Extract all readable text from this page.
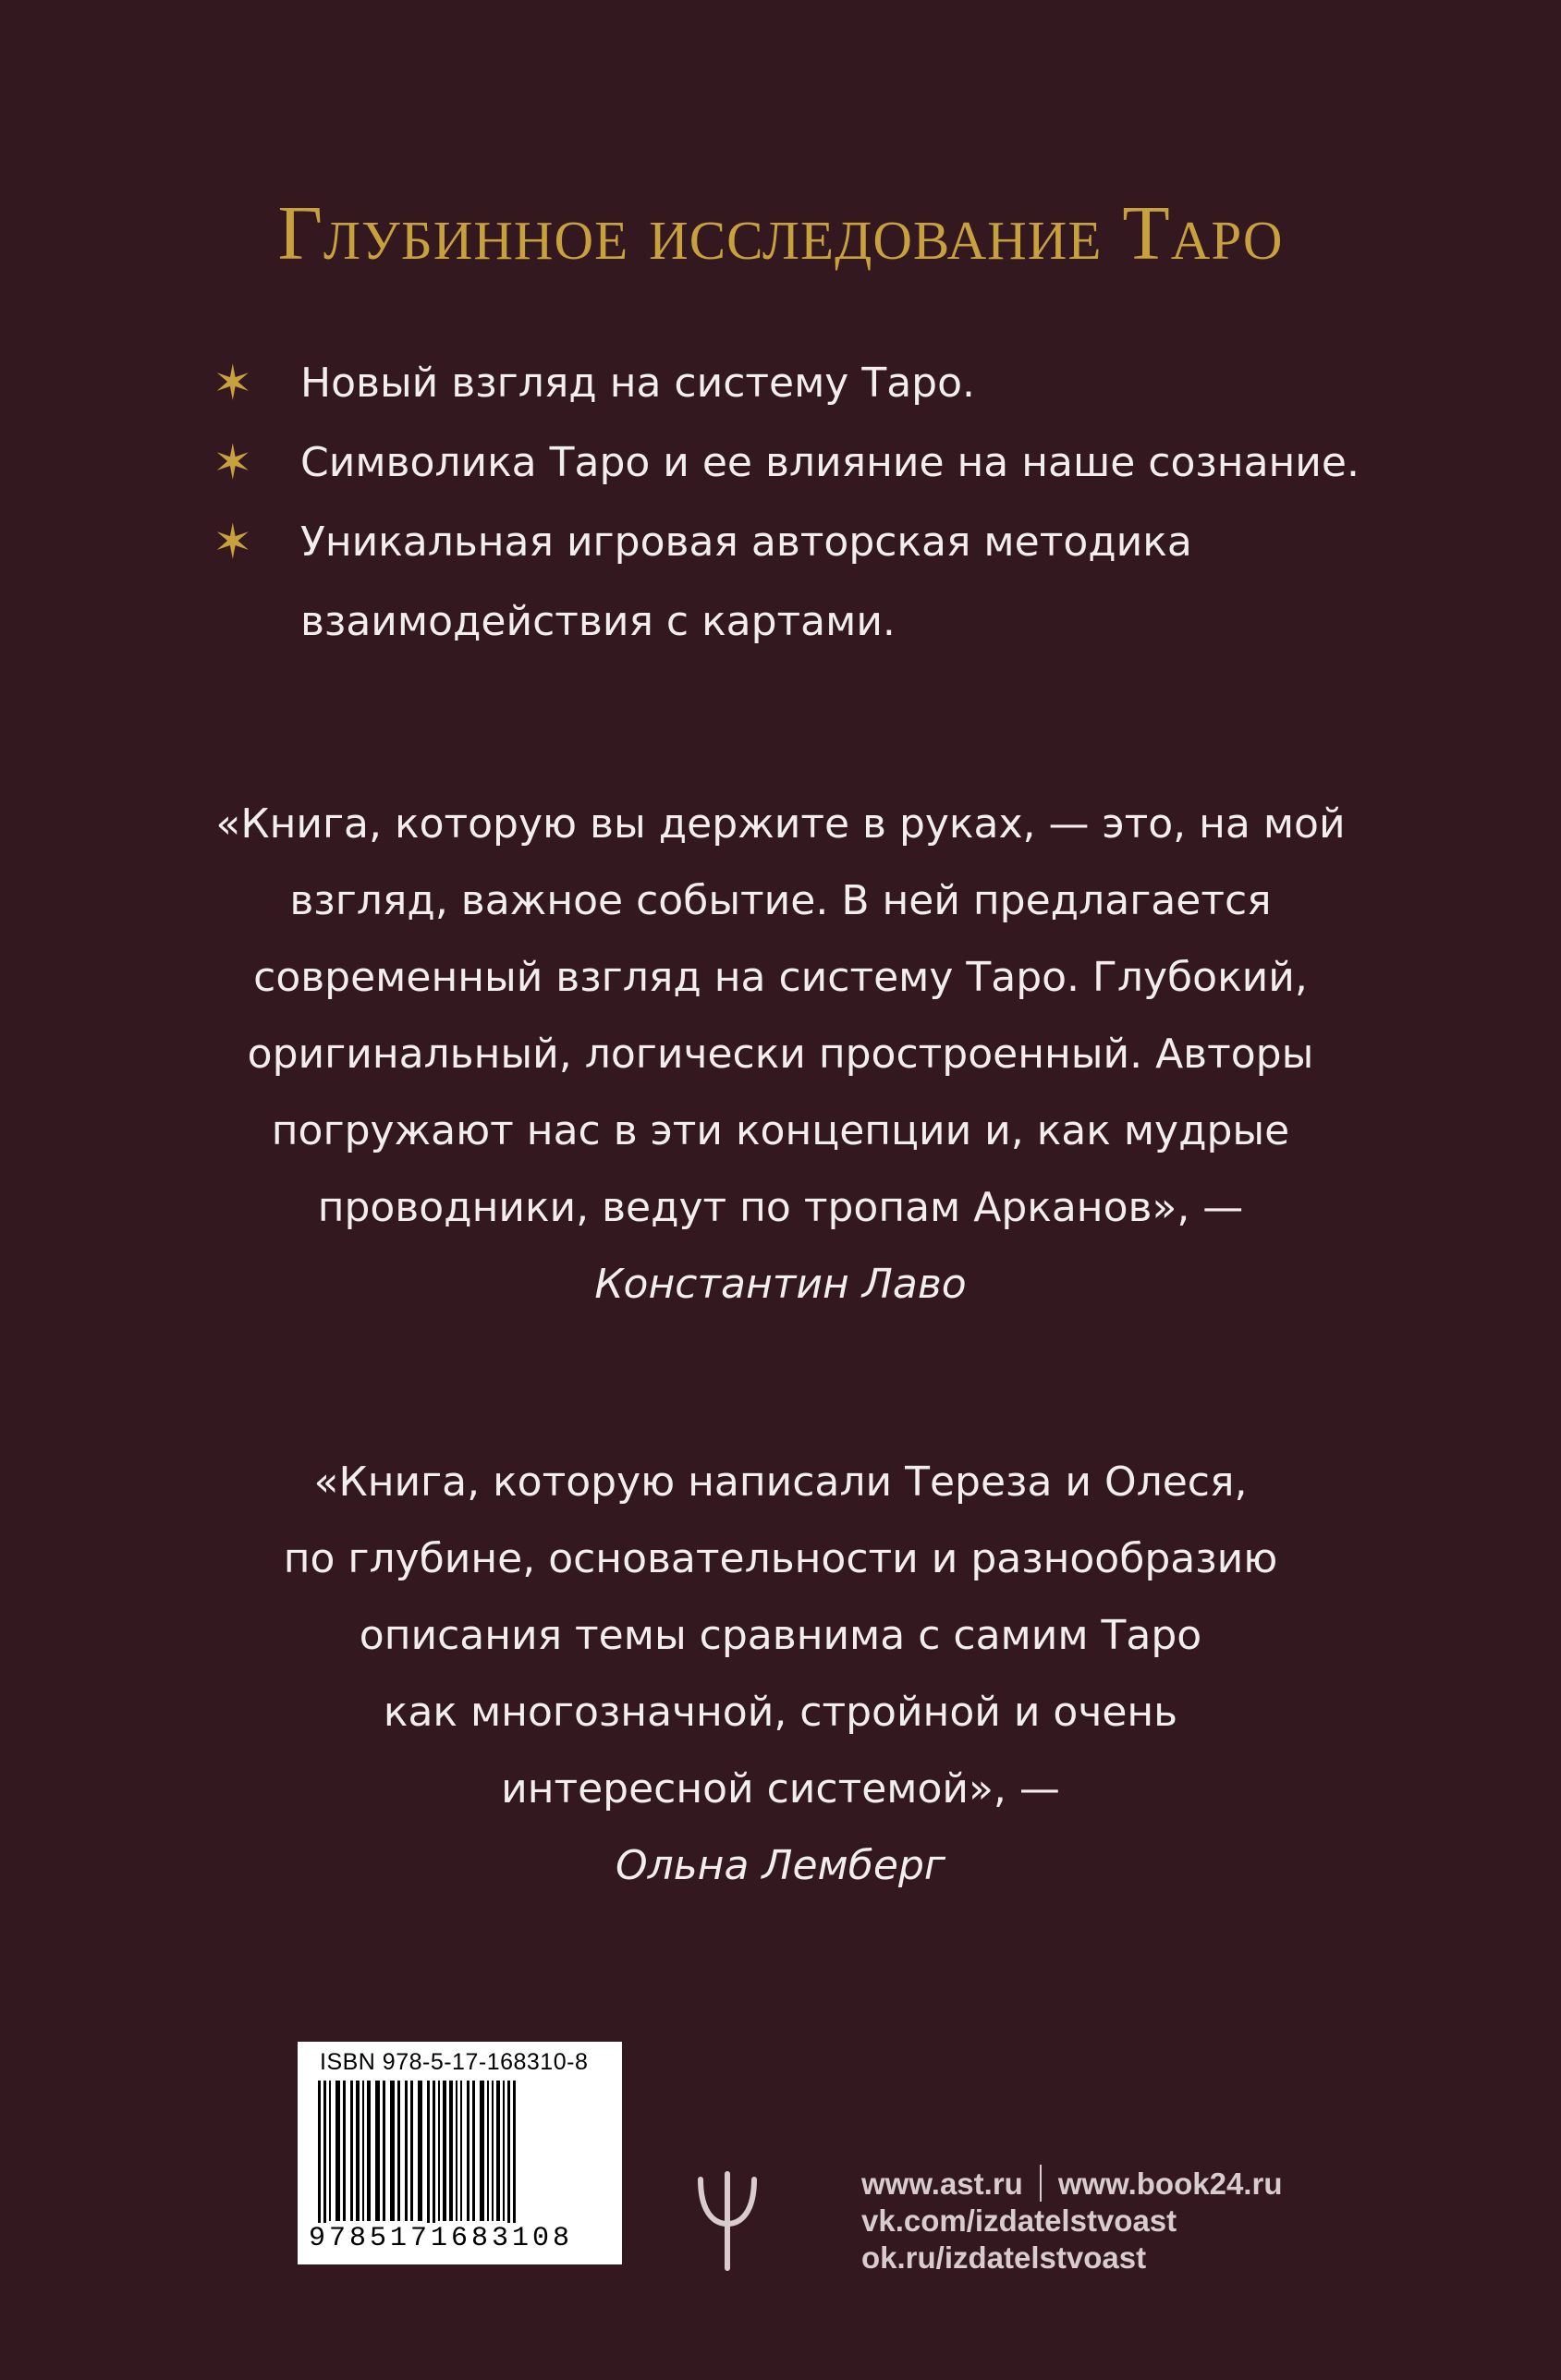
Глубинное исследование Таро
✶	Новый взгляд на систему Таро.
✶	Символика Таро и ее влияние на наше сознание.
✶	Уникальная игровая авторская методика
взаимодействия с картами.
«Книга, которую вы держите в руках, — это, на мой
взгляд, важное событие. В ней предлагается
современный взгляд на систему Таро. Глубокий,
оригинальный, логически простроенный. Авторы
погружают нас в эти концепции и, как мудрые
проводники, ведут по тропам Арканов», —
Константин Лаво
«Книга, которую написали Тереза и Олеся,
по глубине, основательности и разнообразию
описания темы сравнима с самим Таро
как многозначной, стройной и очень
интересной системой», —
Ольна Лемберг
ISBN 978-5-17-168310-8
9785171683108
www.ast.ru www.book24.ru
vk.com/izdatelstvoast
ok.ru/izdatelstvoast
